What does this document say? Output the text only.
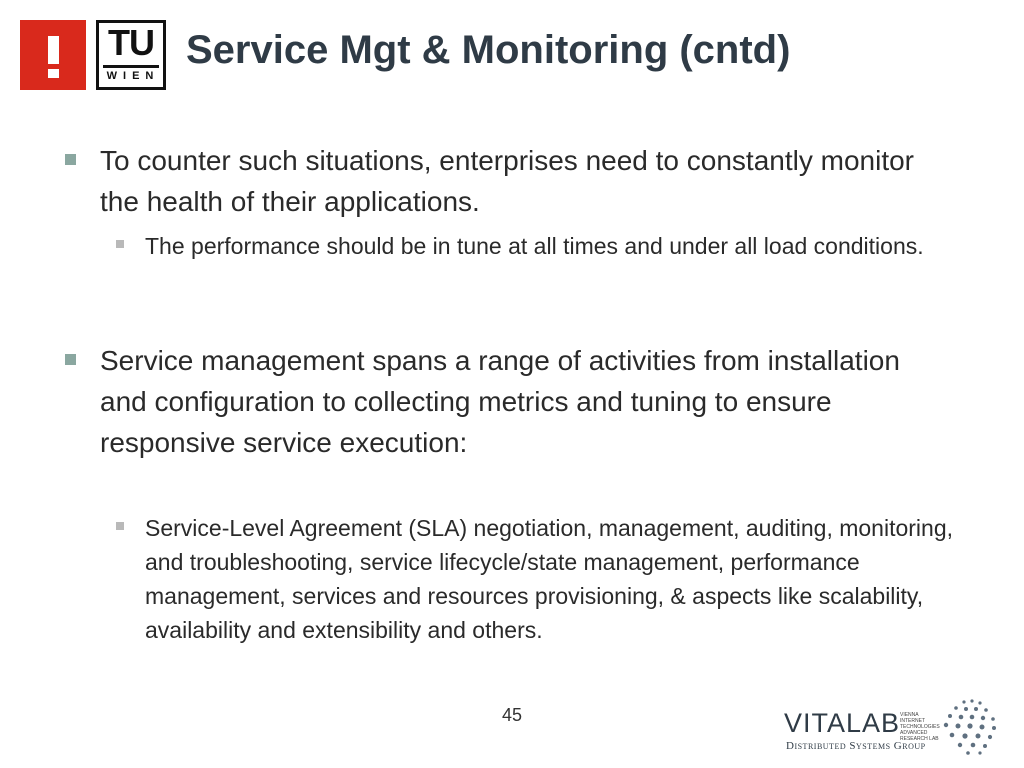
TU
WIEN
Service Mgt & Monitoring (cntd)
To counter such situations, enterprises need to constantly monitor the health of their applications.
The performance should be in tune at all times and under all load conditions.
Service management spans a range of activities from installation and configuration to collecting metrics and tuning to ensure responsive service execution:
Service-Level Agreement (SLA) negotiation, management, auditing, monitoring, and troubleshooting, service lifecycle/state management, performance management, services and resources provisioning, & aspects like scalability, availability and extensibility and others.
45	VITALAB VIENNA INTERNET
TECHNOLOGIES
ADVANCED
RESEARCH LAB
Distributed Systems Group
